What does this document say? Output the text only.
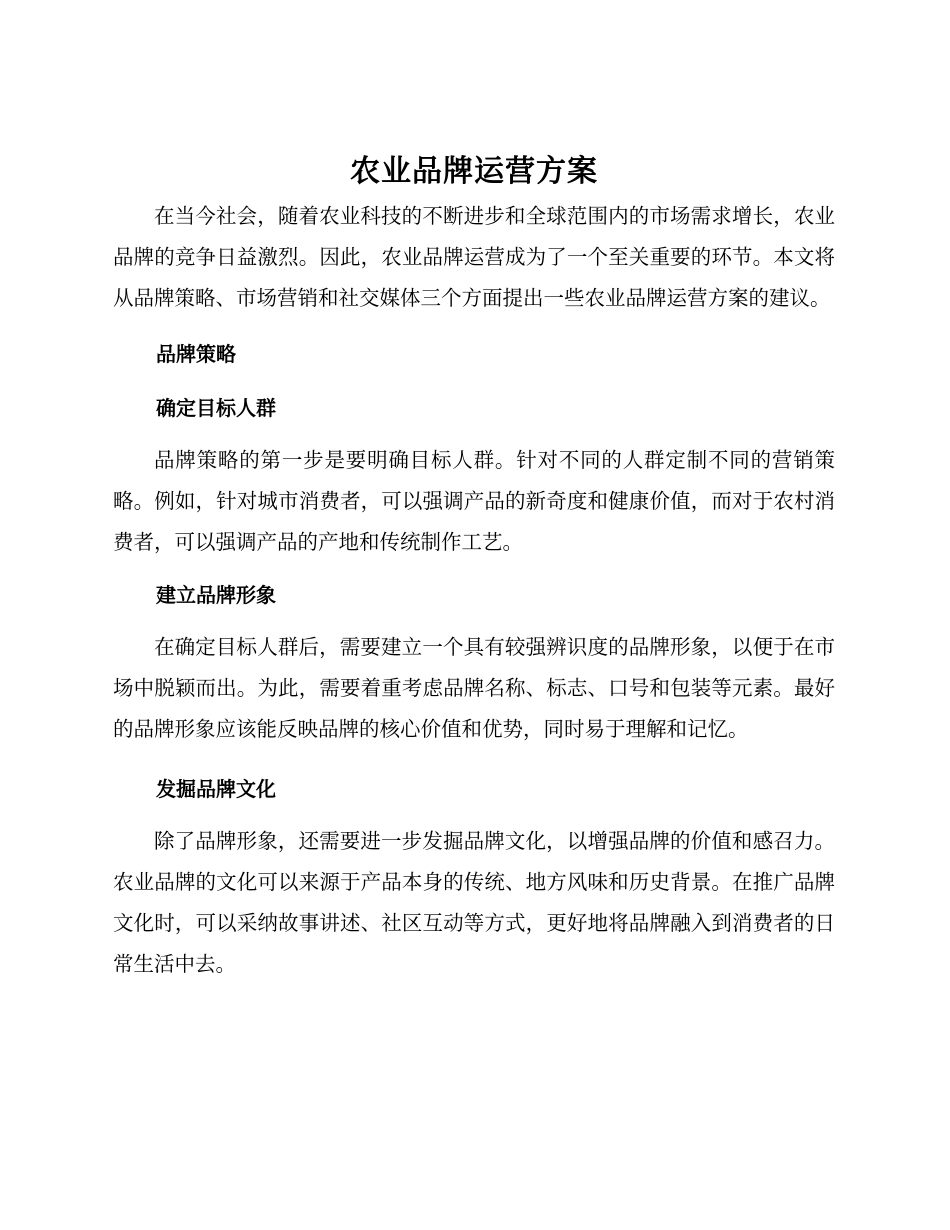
农业品牌运营方案

在当今社会，随着农业科技的不断进步和全球范围内的市场需求增长，农业品牌的竞争日益激烈。因此，农业品牌运营成为了一个至关重要的环节。本文将从品牌策略、市场营销和社交媒体三个方面提出一些农业品牌运营方案的建议。

品牌策略
确定目标人群

品牌策略的第一步是要明确目标人群。针对不同的人群定制不同的营销策略。例如，针对城市消费者，可以强调产品的新奇度和健康价值，而对于农村消费者，可以强调产品的产地和传统制作工艺。

建立品牌形象

在确定目标人群后，需要建立一个具有较强辨识度的品牌形象，以便于在市场中脱颖而出。为此，需要着重考虑品牌名称、标志、口号和包装等元素。最好的品牌形象应该能反映品牌的核心价值和优势，同时易于理解和记忆。

发掘品牌文化

除了品牌形象，还需要进一步发掘品牌文化，以增强品牌的价值和感召力。农业品牌的文化可以来源于产品本身的传统、地方风味和历史背景。在推广品牌文化时，可以采纳故事讲述、社区互动等方式，更好地将品牌融入到消费者的日常生活中去。
